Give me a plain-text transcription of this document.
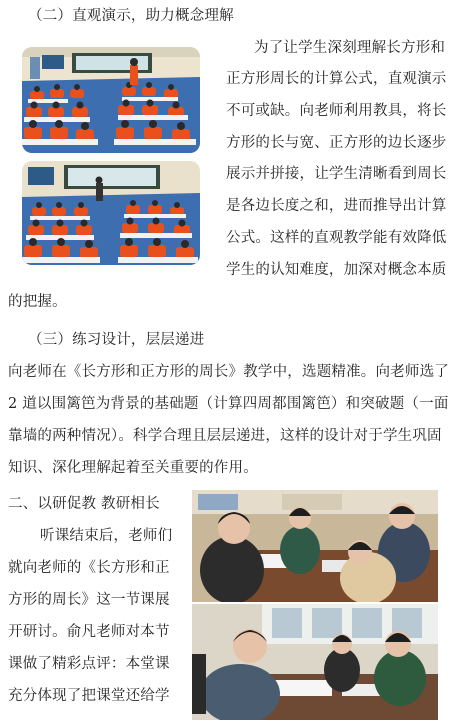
（二）直观演示，助力概念理解
为了让学生深刻理解长方形和
正方形周长的计算公式，直观演示
不可或缺。向老师利用教具，将长
方形的长与宽、正方形的边长逐步
展示并拼接，让学生清晰看到周长
是各边长度之和，进而推导出计算
公式。这样的直观教学能有效降低
学生的认知难度，加深对概念本质
的把握。
（三）练习设计，层层递进
向老师在《长方形和正方形的周长》教学中，选题精准。向老师选了
2 道以围篱笆为背景的基础题（计算四周都围篱笆）和突破题（一面
靠墙的两种情况）。科学合理且层层递进，这样的设计对于学生巩固
知识、深化理解起着至关重要的作用。
二、以研促教 教研相长
听课结束后，老师们
就向老师的《长方形和正
方形的周长》这一节课展
开研讨。俞凡老师对本节
课做了精彩点评：本堂课
充分体现了把课堂还给学
